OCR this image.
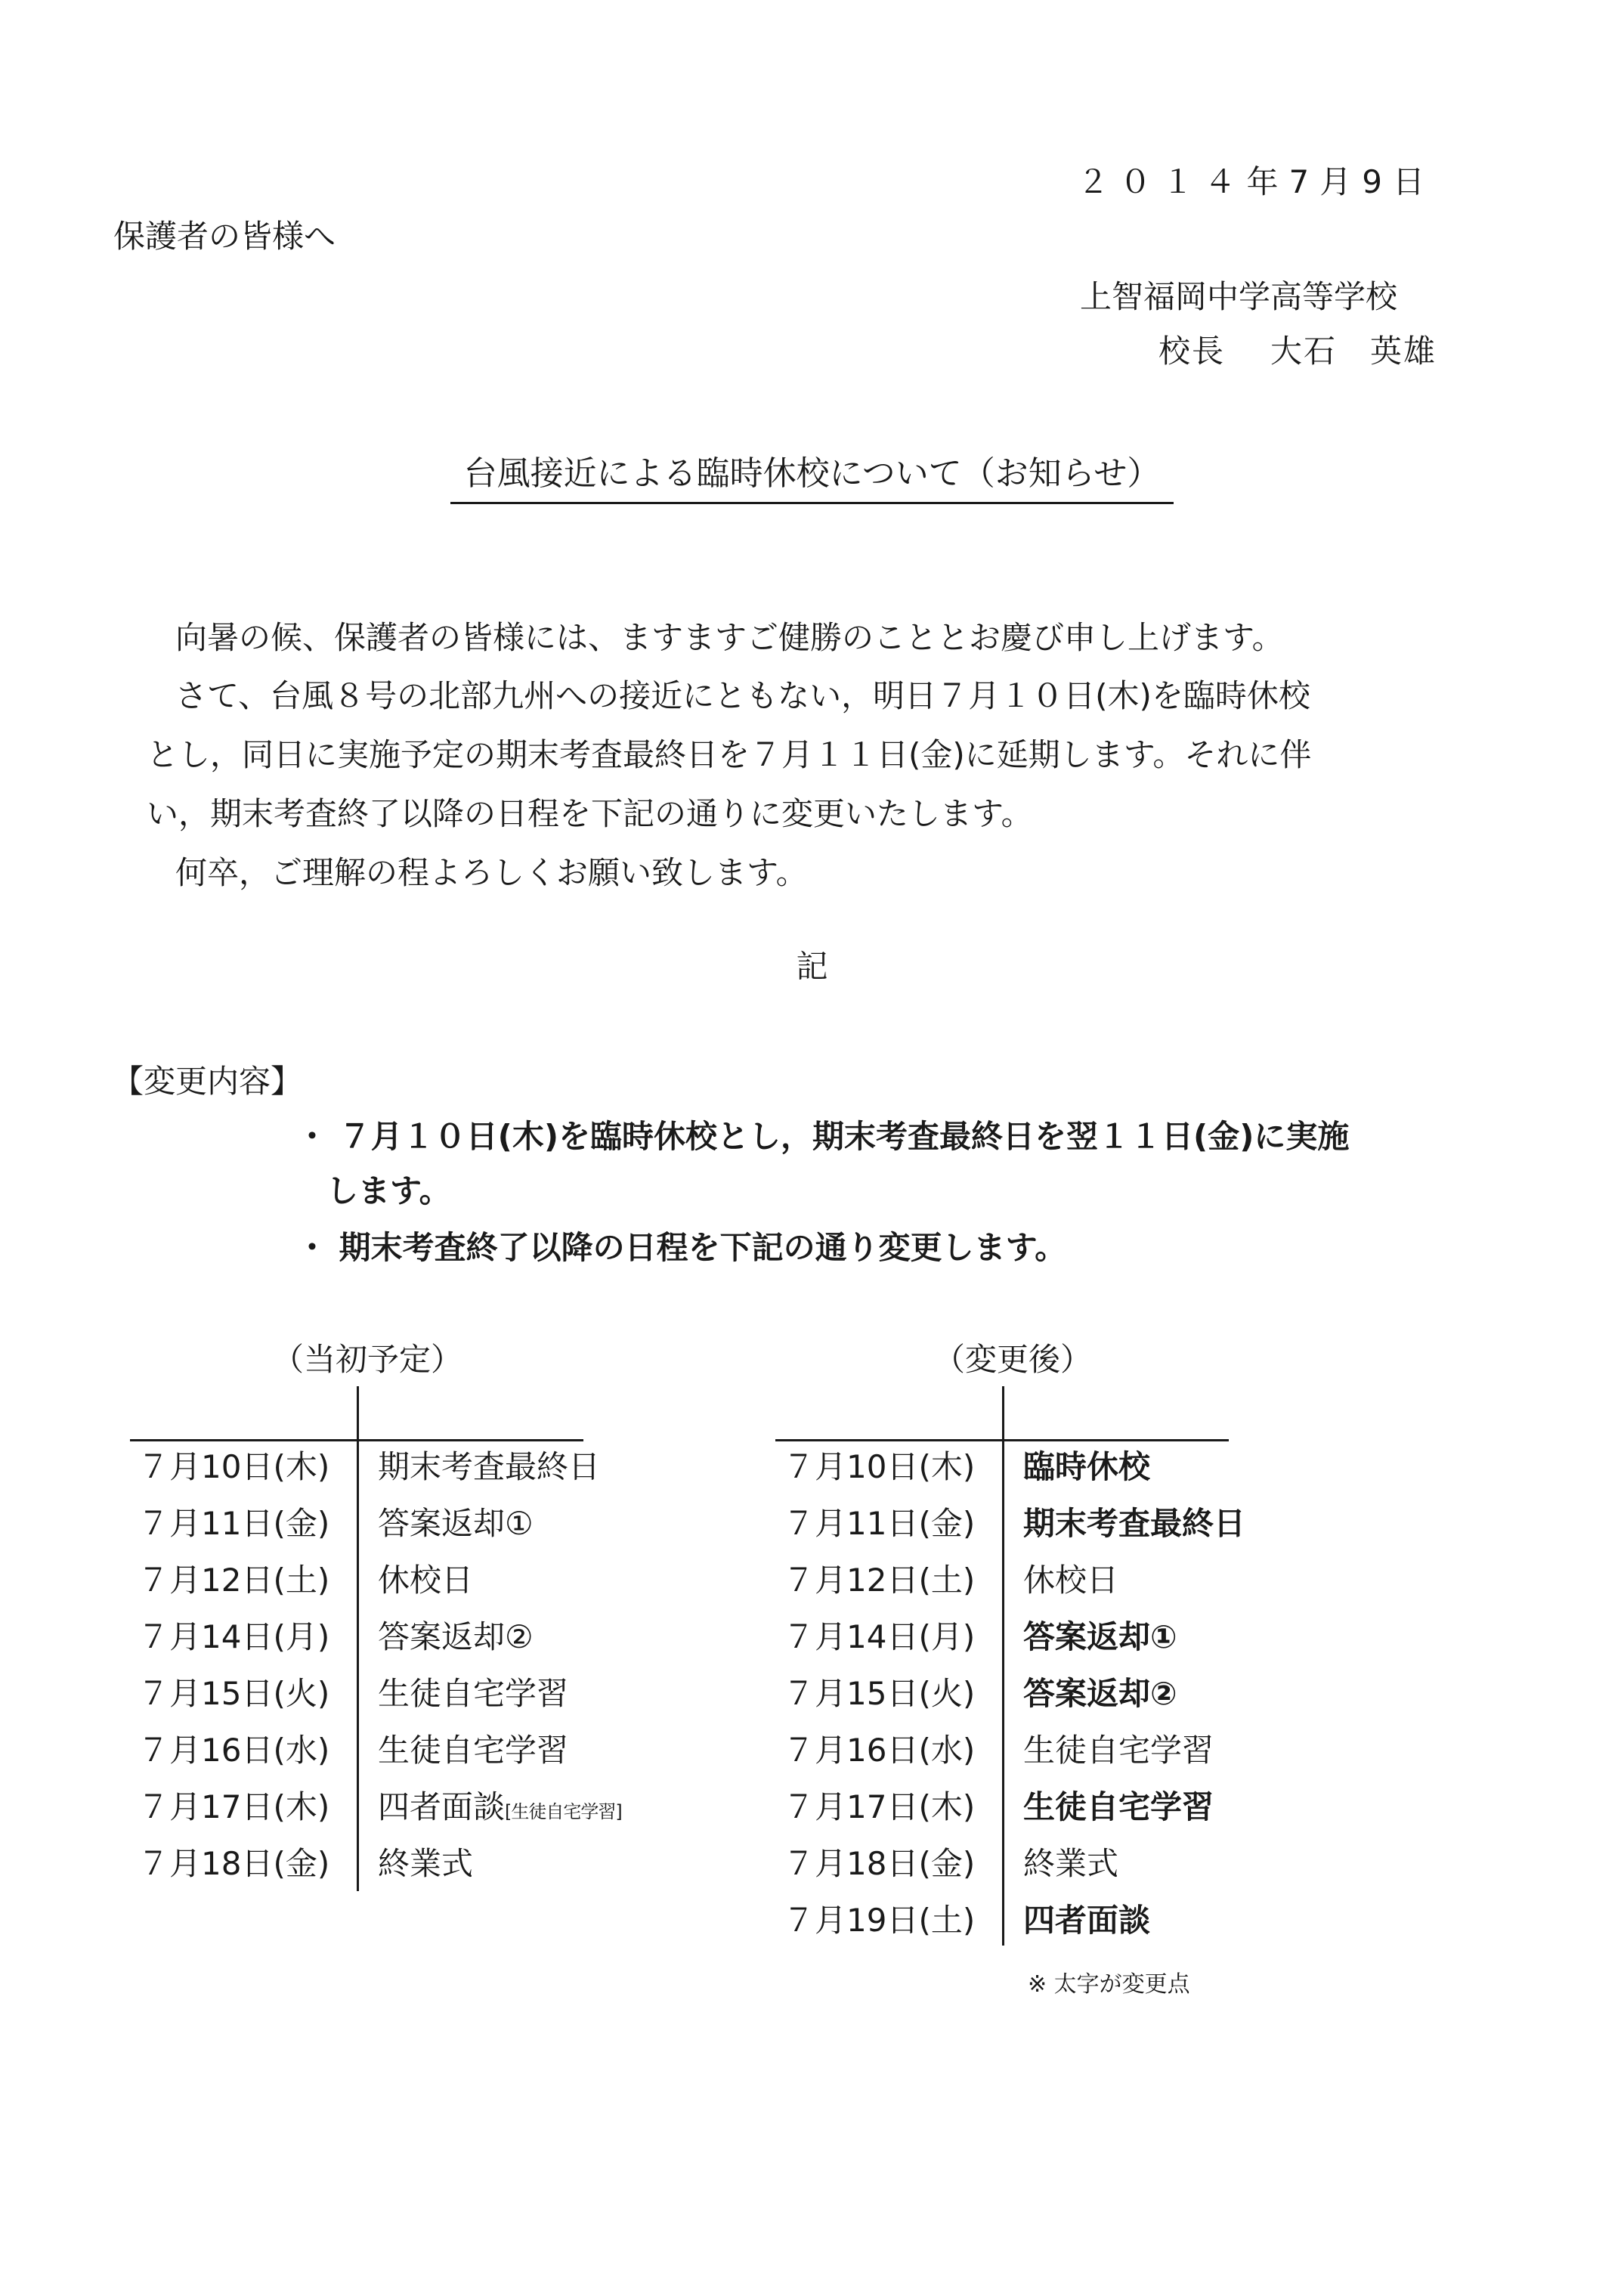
２０１４年7月9日
保護者の皆様へ
上智福岡中学高等学校
校長 大石　英雄
台風接近による臨時休校について（お知らせ）
向暑の候、保護者の皆様には、ますますご健勝のこととお慶び申し上げます。
さて、台風８号の北部九州への接近にともない，明日７月１０日(木)を臨時休校
とし，同日に実施予定の期末考査最終日を７月１１日(金)に延期します。それに伴
い，期末考査終了以降の日程を下記の通りに変更いたします。
何卒，ご理解の程よろしくお願い致します。
記
【変更内容】
・ ７月１０日(木)を臨時休校とし，期末考査最終日を翌１１日(金)に実施
します。
・ 期末考査終了以降の日程を下記の通り変更します。
（当初予定）
７月10日(木) 期末考査最終日
７月11日(金) 答案返却①
７月12日(土) 休校日
７月14日(月) 答案返却②
７月15日(火) 生徒自宅学習
７月16日(水) 生徒自宅学習
７月17日(木) 四者面談[生徒自宅学習]
７月18日(金) 終業式
（変更後）
７月10日(木) 臨時休校
７月11日(金) 期末考査最終日
７月12日(土) 休校日
７月14日(月) 答案返却①
７月15日(火) 答案返却②
７月16日(水) 生徒自宅学習
７月17日(木) 生徒自宅学習
７月18日(金) 終業式
７月19日(土) 四者面談
※ 太字が変更点
